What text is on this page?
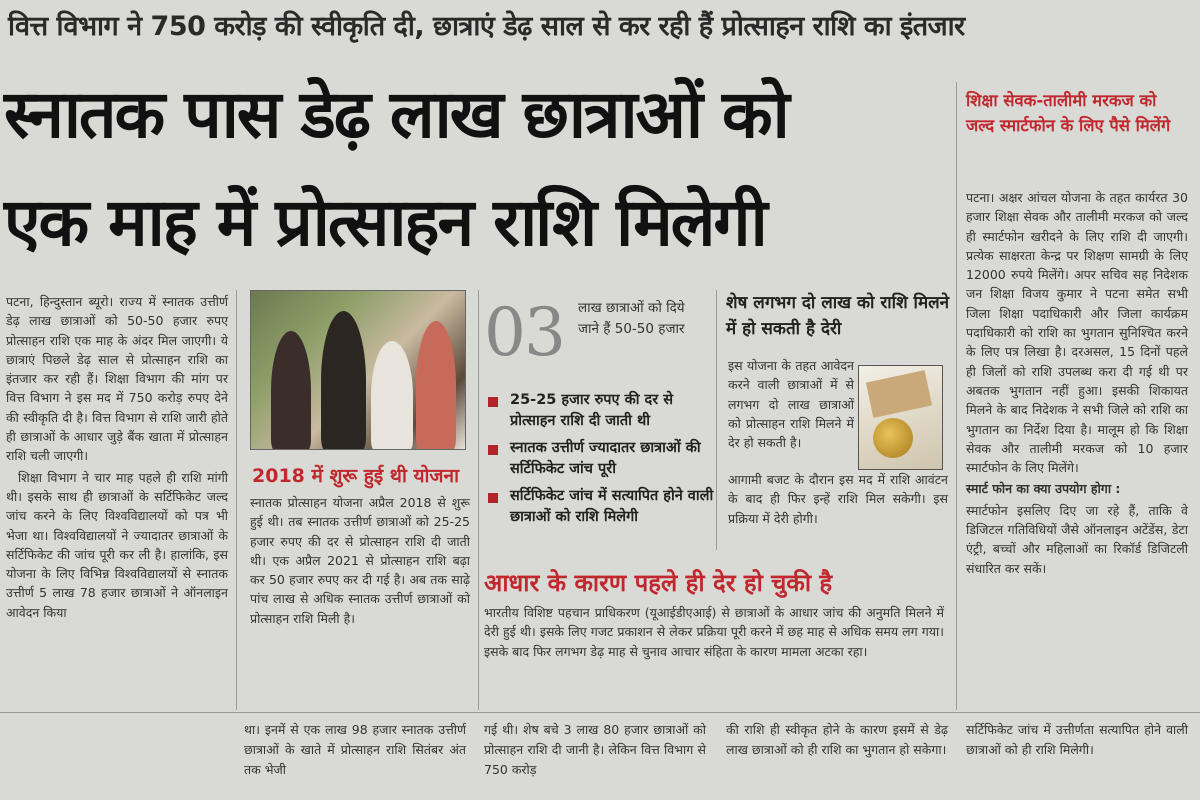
वित्त विभाग ने 750 करोड़ की स्वीकृति दी, छात्राएं डेढ़ साल से कर रही हैं प्रोत्साहन राशि का इंतजार
स्नातक पास डेढ़ लाख छात्राओं को
एक माह में प्रोत्साहन राशि मिलेगी

पटना, हिन्दुस्तान ब्यूरो। राज्य में स्नातक उत्तीर्ण डेढ़ लाख छात्राओं को 50-50 हजार रुपए प्रोत्साहन राशि एक माह के अंदर मिल जाएगी। ये छात्राएं पिछले डेढ़ साल से प्रोत्साहन राशि का इंतजार कर रही हैं। शिक्षा विभाग की मांग पर वित्त विभाग ने इस मद में 750 करोड़ रुपए देने की स्वीकृति दी है। वित्त विभाग से राशि जारी होते ही छात्राओं के आधार जुड़े बैंक खाता में प्रोत्साहन राशि चली जाएगी।

शिक्षा विभाग ने चार माह पहले ही राशि मांगी थी। इसके साथ ही छात्राओं के सर्टिफिकेट जल्द जांच करने के लिए विश्वविद्यालयों को पत्र भी भेजा था। विश्वविद्यालयों ने ज्यादातर छात्राओं के सर्टिफिकेट की जांच पूरी कर ली है। हालांकि, इस योजना के लिए विभिन्न विश्वविद्यालयों से स्नातक उत्तीर्ण 5 लाख 78 हजार छात्राओं ने ऑनलाइन आवेदन किया

2018 में शुरू हुई थी योजना
स्नातक प्रोत्साहन योजना अप्रैल 2018 से शुरू हुई थी। तब स्नातक उत्तीर्ण छात्राओं को 25-25 हजार रुपए की दर से प्रोत्साहन राशि दी जाती थी। एक अप्रैल 2021 से प्रोत्साहन राशि बढ़ा कर 50 हजार रुपए कर दी गई है। अब तक साढ़े पांच लाख से अधिक स्नातक उत्तीर्ण छात्राओं को प्रोत्साहन राशि मिली है।
03 लाख छात्राओं को दिये जाने हैं 50-50 हजार
25-25 हजार रुपए की दर से प्रोत्साहन राशि दी जाती थी
स्नातक उत्तीर्ण ज्यादातर छात्राओं की सर्टिफिकेट जांच पूरी
सर्टिफिकेट जांच में सत्यापित होने वाली छात्राओं को राशि मिलेगी
शेष लगभग दो लाख को राशि मिलने में हो सकती है देरी
इस योजना के तहत आवेदन करने वाली छात्राओं में से लगभग दो लाख छात्राओं को प्रोत्साहन राशि मिलने में देर हो सकती है।
आगामी बजट के दौरान इस मद में राशि आवंटन के बाद ही फिर इन्हें राशि मिल सकेगी। इस प्रक्रिया में देरी होगी।
आधार के कारण पहले ही देर हो चुकी है
भारतीय विशिष्ट पहचान प्राधिकरण (यूआईडीएआई) से छात्राओं के आधार जांच की अनुमति मिलने में देरी हुई थी। इसके लिए गजट प्रकाशन से लेकर प्रक्रिया पूरी करने में छह माह से अधिक समय लग गया। इसके बाद फिर लगभग डेढ़ माह से चुनाव आचार संहिता के कारण मामला अटका रहा।
शिक्षा सेवक-तालीमी मरकज को जल्द स्मार्टफोन के लिए पैसे मिलेंगे

पटना। अक्षर आंचल योजना के तहत कार्यरत 30 हजार शिक्षा सेवक और तालीमी मरकज को जल्द ही स्मार्टफोन खरीदने के लिए राशि दी जाएगी। प्रत्येक साक्षरता केन्द्र पर शिक्षण सामग्री के लिए 12000 रुपये मिलेंगे। अपर सचिव सह निदेशक जन शिक्षा विजय कुमार ने पटना समेत सभी जिला शिक्षा पदाधिकारी और जिला कार्यक्रम पदाधिकारी को राशि का भुगतान सुनिश्चित करने के लिए पत्र लिखा है। दरअसल, 15 दिनों पहले ही जिलों को राशि उपलब्ध करा दी गई थी पर अबतक भुगतान नहीं हुआ। इसकी शिकायत मिलने के बाद निदेशक ने सभी जिले को राशि का भुगतान का निर्देश दिया है। मालूम हो कि शिक्षा सेवक और तालीमी मरकज को 10 हजार स्मार्टफोन के लिए मिलेंगे।

स्मार्ट फोन का क्या उपयोग होगा :

स्मार्टफोन इसलिए दिए जा रहे हैं, ताकि वे डिजिटल गतिविधियों जैसे ऑनलाइन अटेंडेंस, डेटा एंट्री, बच्चों और महिलाओं का रिकॉर्ड डिजिटली संधारित कर सकें।

था। इनमें से एक लाख 98 हजार स्नातक उत्तीर्ण छात्राओं के खाते में प्रोत्साहन राशि सितंबर अंत तक भेजी
गई थी। शेष बचे 3 लाख 80 हजार छात्राओं को प्रोत्साहन राशि दी जानी है। लेकिन वित्त विभाग से 750 करोड़
की राशि ही स्वीकृत होने के कारण इसमें से डेढ़ लाख छात्राओं को ही राशि का भुगतान हो सकेगा।
सर्टिफिकेट जांच में उत्तीर्णता सत्यापित होने वाली छात्राओं को ही राशि मिलेगी।
